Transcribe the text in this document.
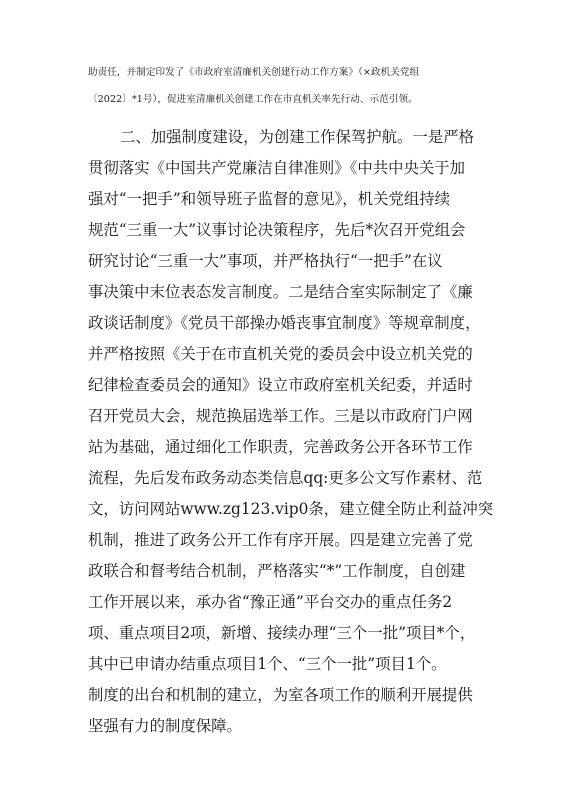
助责任，并制定印发了《市政府室清廉机关创建行动工作方案》（×政机关党组
〔2022〕*1号），促进室清廉机关创建工作在市直机关率先行动、示范引领。
二、加强制度建设，为创建工作保驾护航。一是严格
贯彻落实《中国共产党廉洁自律准则》《中共中央关于加
强对“一把手”和领导班子监督的意见》，机关党组持续
规范“三重一大”议事讨论决策程序，先后*次召开党组会
研究讨论“三重一大”事项，并严格执行“一把手”在议
事决策中末位表态发言制度。二是结合室实际制定了《廉
政谈话制度》《党员干部操办婚丧事宜制度》等规章制度，
并严格按照《关于在市直机关党的委员会中设立机关党的
纪律检查委员会的通知》设立市政府室机关纪委，并适时
召开党员大会，规范换届选举工作。三是以市政府门户网
站为基础，通过细化工作职责，完善政务公开各环节工作
流程，先后发布政务动态类信息qq:更多公文写作素材、范
文，访问网站www.zg123.vip0条，建立健全防止利益冲突
机制，推进了政务公开工作有序开展。四是建立完善了党
政联合和督考结合机制，严格落实“*”工作制度，自创建
工作开展以来，承办省“豫正通”平台交办的重点任务2
项、重点项目2项，新增、接续办理“三个一批”项目*个，
其中已申请办结重点项目1个、“三个一批”项目1个。
制度的出台和机制的建立，为室各项工作的顺利开展提供
坚强有力的制度保障。
